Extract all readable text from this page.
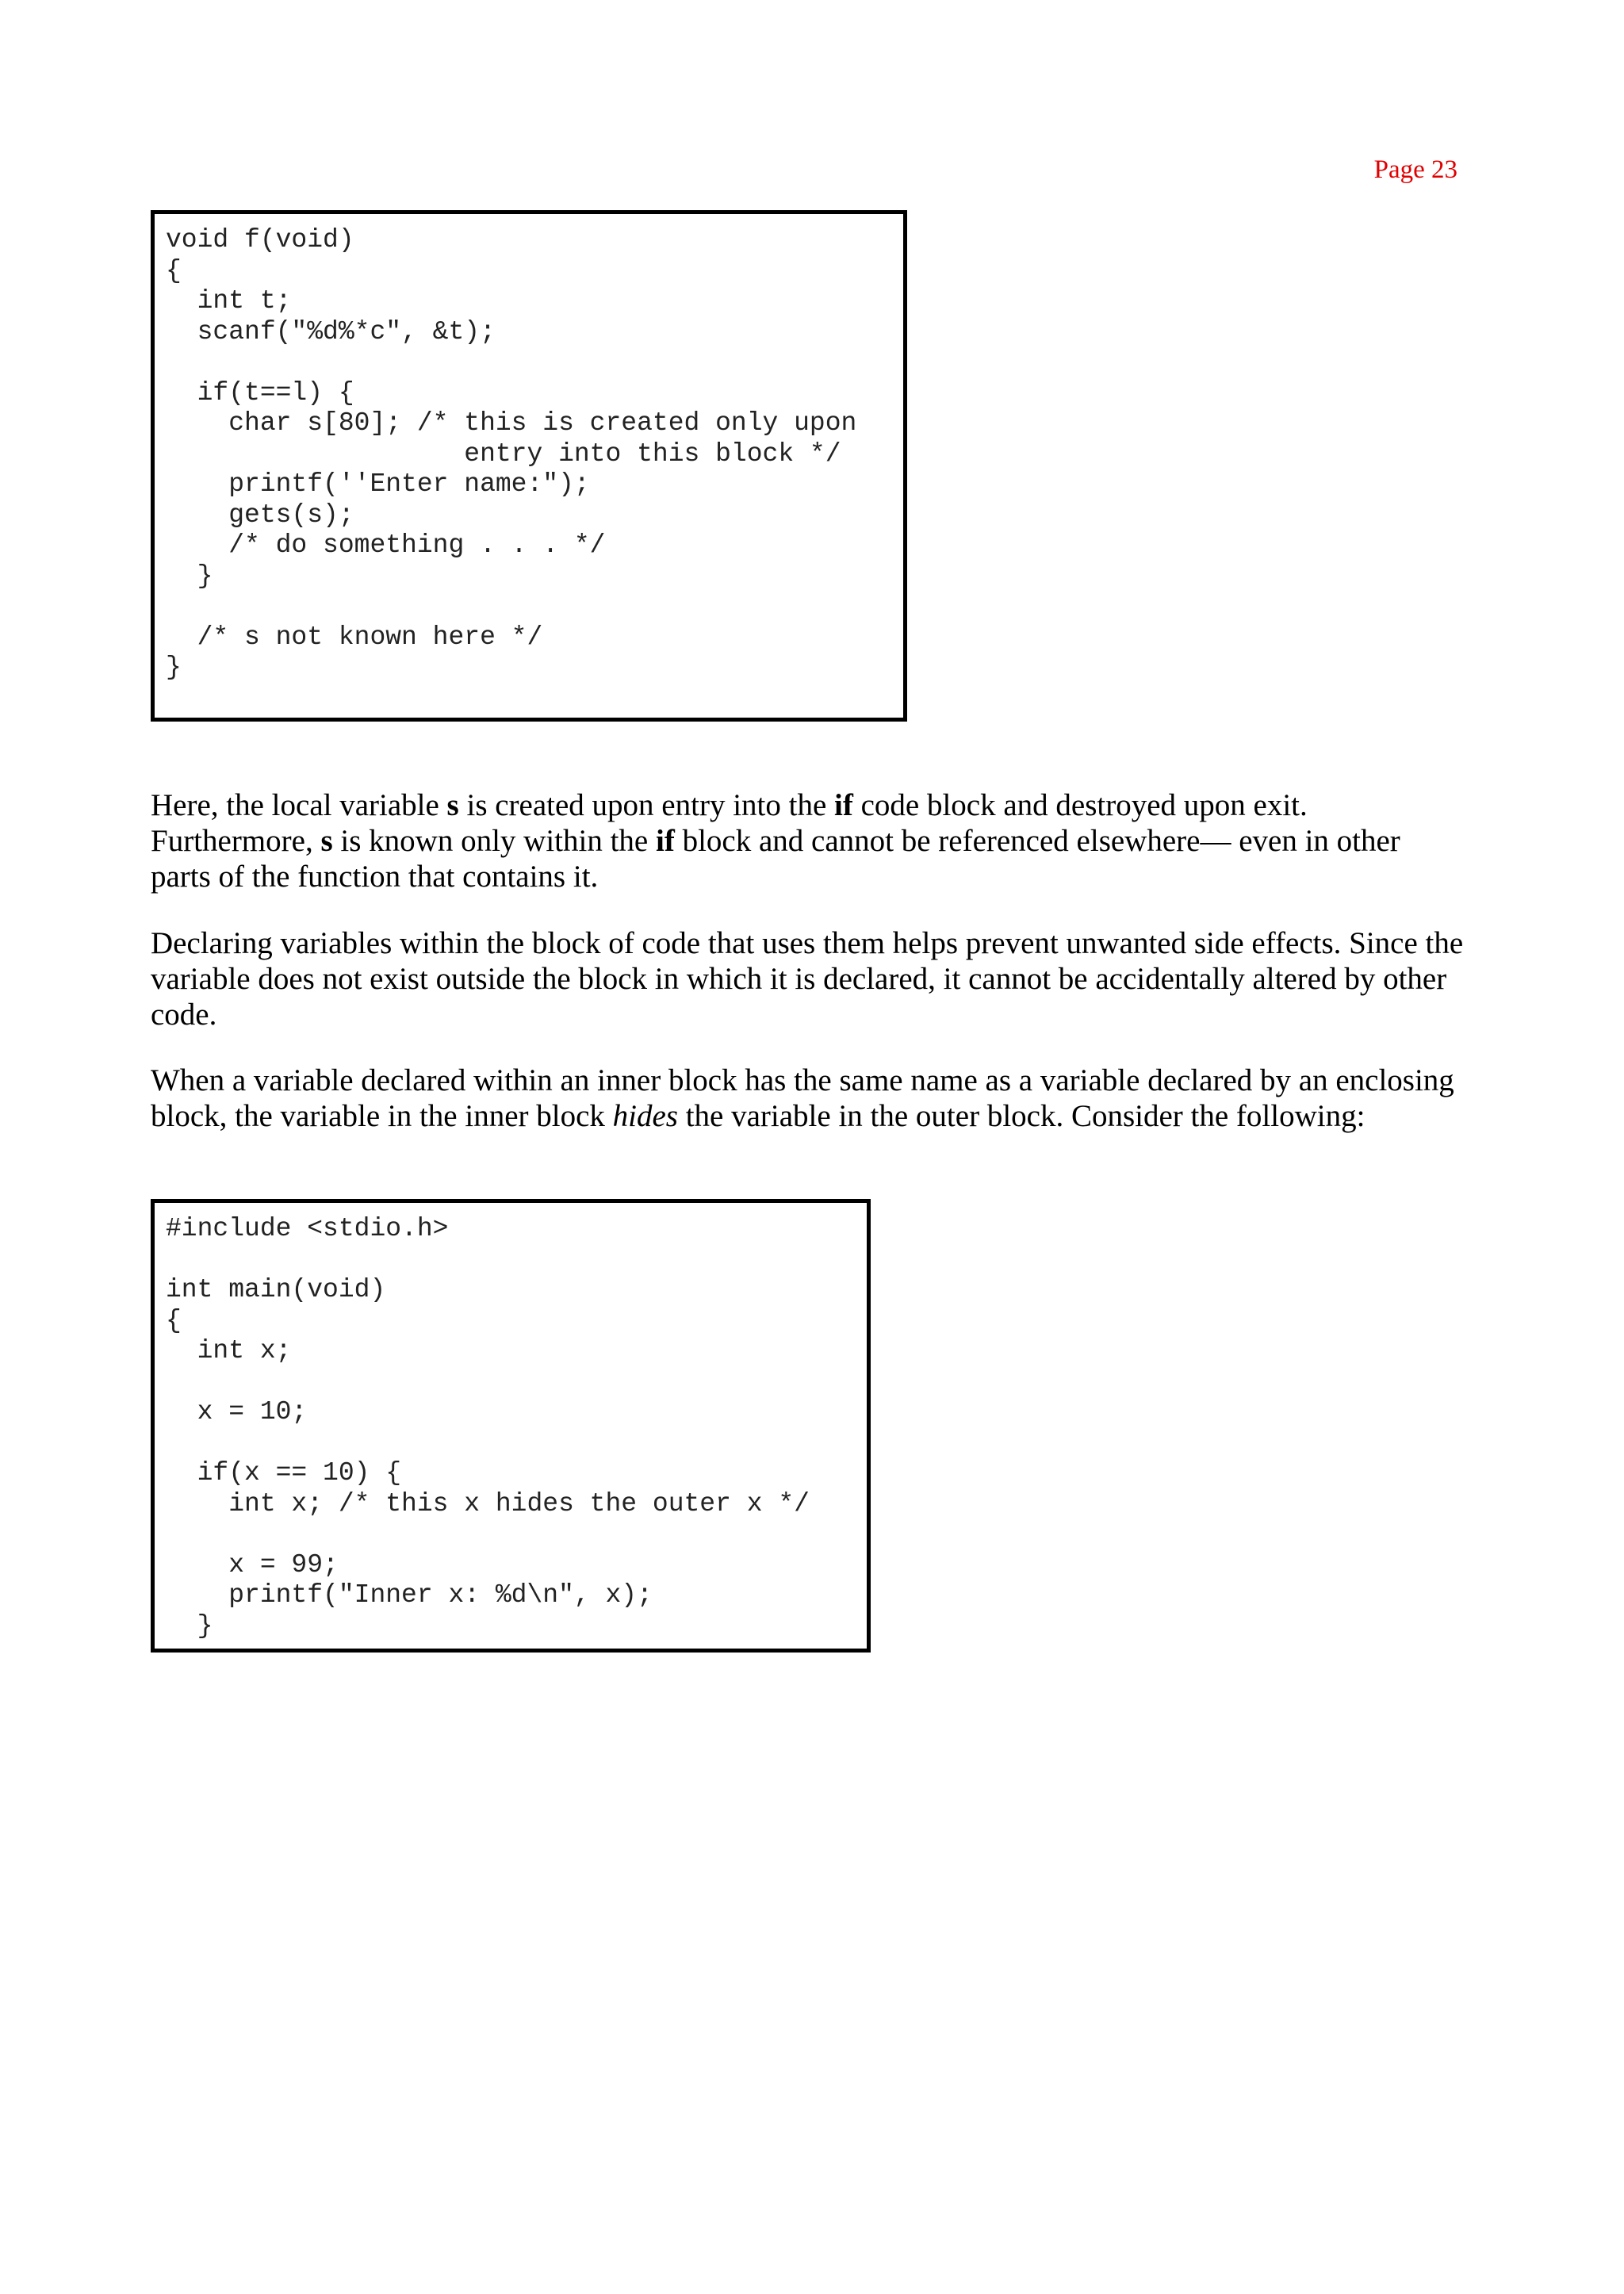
Page 23
void f(void)
{
int t;
scanf("%d%*c", &t);
if(t==l) {
char s[80]; /* this is created only upon
entry into this block */
printf(''Enter name:");
gets(s);
/* do something . . . */
}
/* s not known here */
}

Here, the local variable s is created upon entry into the if code block and destroyed upon exit. Furthermore, s is known only within the if block and cannot be referenced elsewhere— even in other parts of the function that contains it.

Declaring variables within the block of code that uses them helps prevent unwanted side effects. Since the variable does not exist outside the block in which it is declared, it cannot be accidentally altered by other code.

When a variable declared within an inner block has the same name as a variable declared by an enclosing block, the variable in the inner block hides the variable in the outer block. Consider the following:

#include <stdio.h>
int main(void)
{
int x;
x = 10;
if(x == 10) {
int x; /* this x hides the outer x */
x = 99;
printf("Inner x: %d\n", x);
}
